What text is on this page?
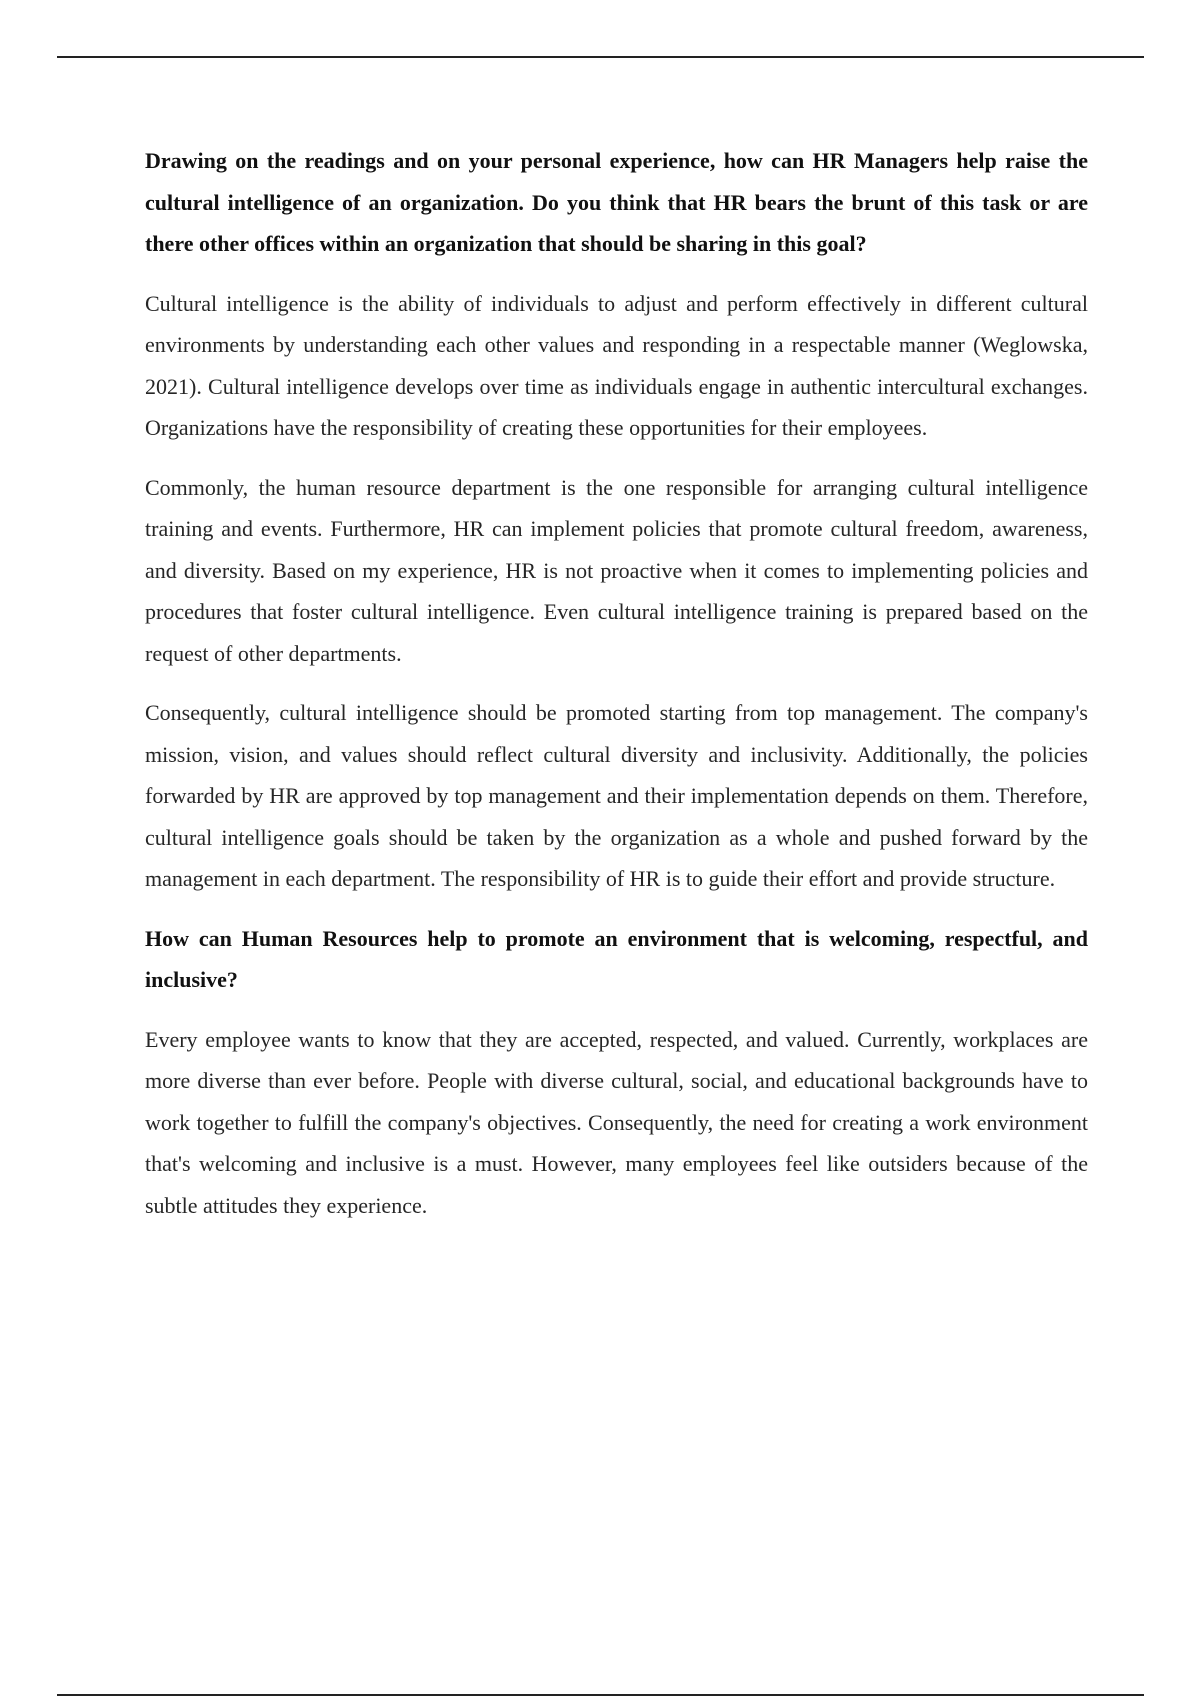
Drawing on the readings and on your personal experience, how can HR Managers help raise the cultural intelligence of an organization. Do you think that HR bears the brunt of this task or are there other offices within an organization that should be sharing in this goal?

Cultural intelligence is the ability of individuals to adjust and perform effectively in different cultural environments by understanding each other values and responding in a respectable manner (Weglowska, 2021). Cultural intelligence develops over time as individuals engage in authentic intercultural exchanges. Organizations have the responsibility of creating these opportunities for their employees.

Commonly, the human resource department is the one responsible for arranging cultural intelligence training and events. Furthermore, HR can implement policies that promote cultural freedom, awareness, and diversity. Based on my experience, HR is not proactive when it comes to implementing policies and procedures that foster cultural intelligence. Even cultural intelligence training is prepared based on the request of other departments.

Consequently, cultural intelligence should be promoted starting from top management. The company's mission, vision, and values should reflect cultural diversity and inclusivity. Additionally, the policies forwarded by HR are approved by top management and their implementation depends on them. Therefore, cultural intelligence goals should be taken by the organization as a whole and pushed forward by the management in each department. The responsibility of HR is to guide their effort and provide structure.

How can Human Resources help to promote an environment that is welcoming, respectful, and inclusive?

Every employee wants to know that they are accepted, respected, and valued. Currently, workplaces are more diverse than ever before. People with diverse cultural, social, and educational backgrounds have to work together to fulfill the company's objectives. Consequently, the need for creating a work environment that's welcoming and inclusive is a must. However, many employees feel like outsiders because of the subtle attitudes they experience.
